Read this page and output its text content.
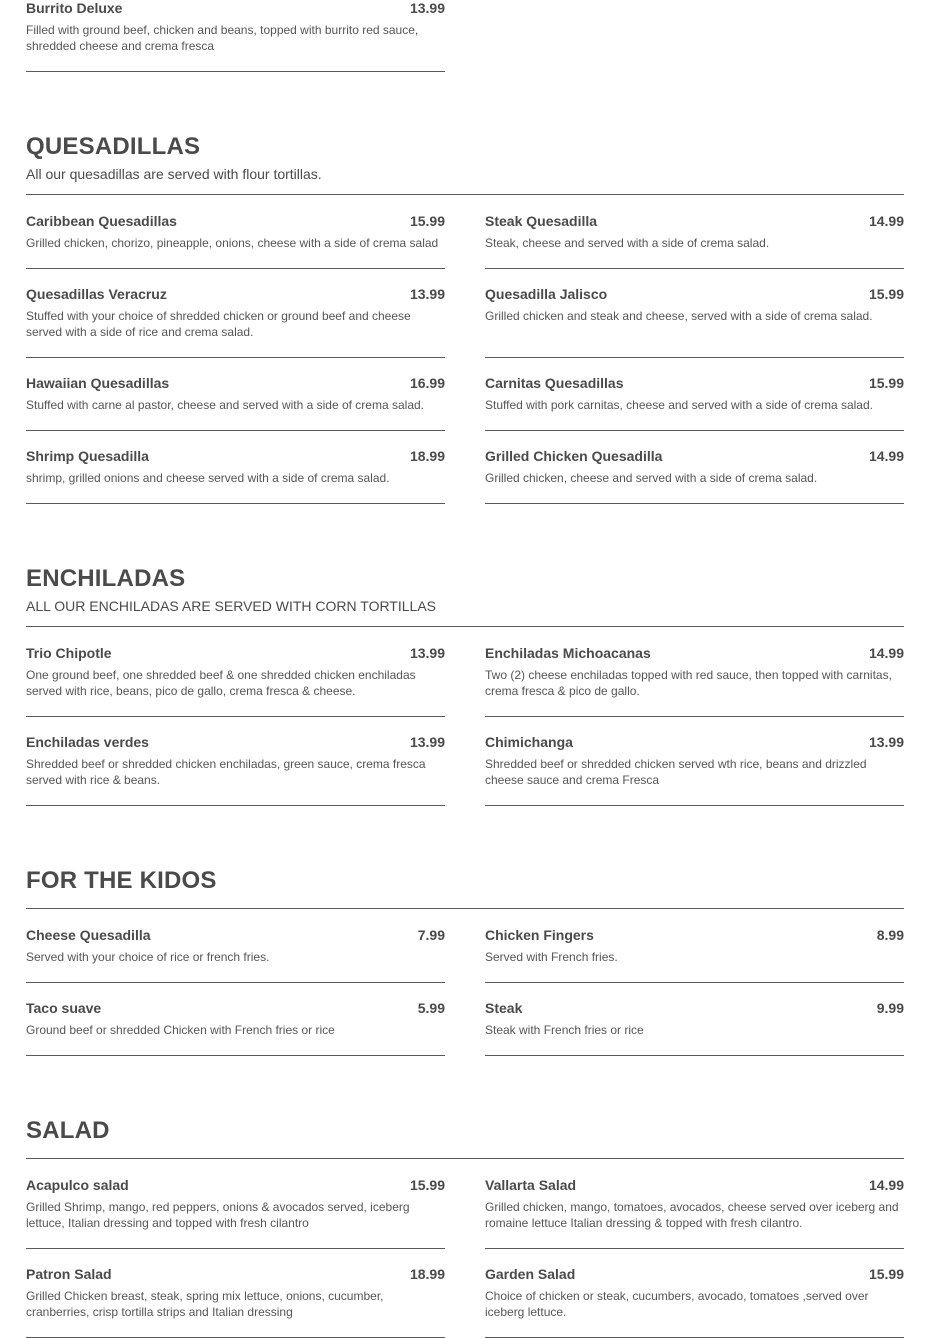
Burrito Deluxe	13.99
Filled with ground beef, chicken and beans, topped with burrito red sauce, shredded cheese and crema fresca
QUESADILLAS
All our quesadillas are served with flour tortillas.
Caribbean Quesadillas	15.99
Grilled chicken, chorizo, pineapple, onions, cheese with a side of crema salad
Steak Quesadilla	14.99
Steak, cheese and served with a side of crema salad.
Quesadillas Veracruz	13.99
Stuffed with your choice of shredded chicken or ground beef and cheese served with a side of rice and crema salad.
Quesadilla Jalisco	15.99
Grilled chicken and steak and cheese, served with a side of crema salad.
Hawaiian Quesadillas	16.99
Stuffed with carne al pastor, cheese and served with a side of crema salad.
Carnitas Quesadillas	15.99
Stuffed with pork carnitas, cheese and served with a side of crema salad.
Shrimp Quesadilla	18.99
shrimp, grilled onions and cheese served with a side of crema salad.
Grilled Chicken Quesadilla	14.99
Grilled chicken, cheese and served with a side of crema salad.
ENCHILADAS
ALL OUR ENCHILADAS ARE SERVED WITH CORN TORTILLAS
Trio Chipotle	13.99
One ground beef, one shredded beef & one shredded chicken enchiladas served with rice, beans, pico de gallo, crema fresca & cheese.
Enchiladas Michoacanas	14.99
Two (2) cheese enchiladas topped with red sauce, then topped with carnitas, crema fresca & pico de gallo.
Enchiladas verdes	13.99
Shredded beef or shredded chicken enchiladas, green sauce, crema fresca served with rice & beans.
Chimichanga	13.99
Shredded beef or shredded chicken served wth rice, beans and drizzled cheese sauce and crema Fresca
FOR THE KIDOS
Cheese Quesadilla	7.99
Served with your choice of rice or french fries.
Chicken Fingers	8.99
Served with French fries.
Taco suave	5.99
Ground beef or shredded Chicken with French fries or rice
Steak	9.99
Steak with French fries or rice
SALAD
Acapulco salad	15.99
Grilled Shrimp, mango, red peppers, onions & avocados served, iceberg lettuce, Italian dressing and topped with fresh cilantro
Vallarta Salad	14.99
Grilled chicken, mango, tomatoes, avocados, cheese served over iceberg and romaine lettuce Italian dressing & topped with fresh cilantro.
Patron Salad	18.99
Grilled Chicken breast, steak, spring mix lettuce, onions, cucumber, cranberries, crisp tortilla strips and Italian dressing
Garden Salad	15.99
Choice of chicken or steak, cucumbers, avocado, tomatoes ,served over iceberg lettuce.
